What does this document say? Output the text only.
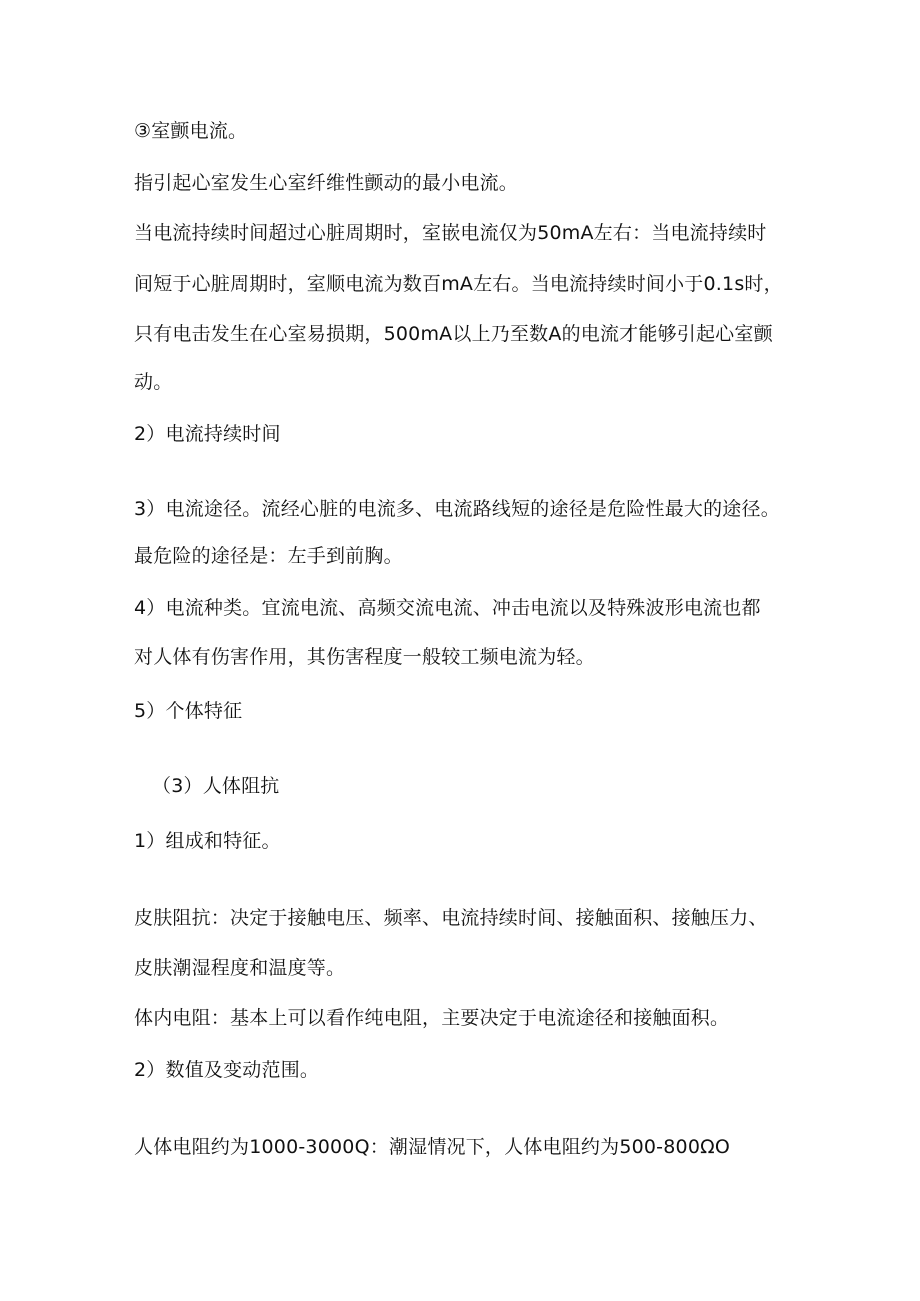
③室颤电流。
指引起心室发生心室纤维性颤动的最小电流。
当电流持续时间超过心脏周期时，室嵌电流仅为50mA左右：当电流持续时
间短于心脏周期时，室顺电流为数百mA左右。当电流持续时间小于0.1s时，
只有电击发生在心室易损期，500mA以上乃至数A的电流才能够引起心室颤
动。
2）电流持续时间
3）电流途径。流经心脏的电流多、电流路线短的途径是危险性最大的途径。
最危险的途径是：左手到前胸。
4）电流种类。宜流电流、高频交流电流、冲击电流以及特殊波形电流也都
对人体有伤害作用，其伤害程度一般较工频电流为轻。
5）个体特征
（3）人体阻抗
1）组成和特征。
皮肤阻抗：决定于接触电压、频率、电流持续时间、接触面积、接触压力、
皮肤潮湿程度和温度等。
体内电阻：基本上可以看作纯电阻，主要决定于电流途径和接触面积。
2）数值及变动范围。
人体电阻约为1000-3000Q：潮湿情况下，人体电阻约为500-800ΩO
